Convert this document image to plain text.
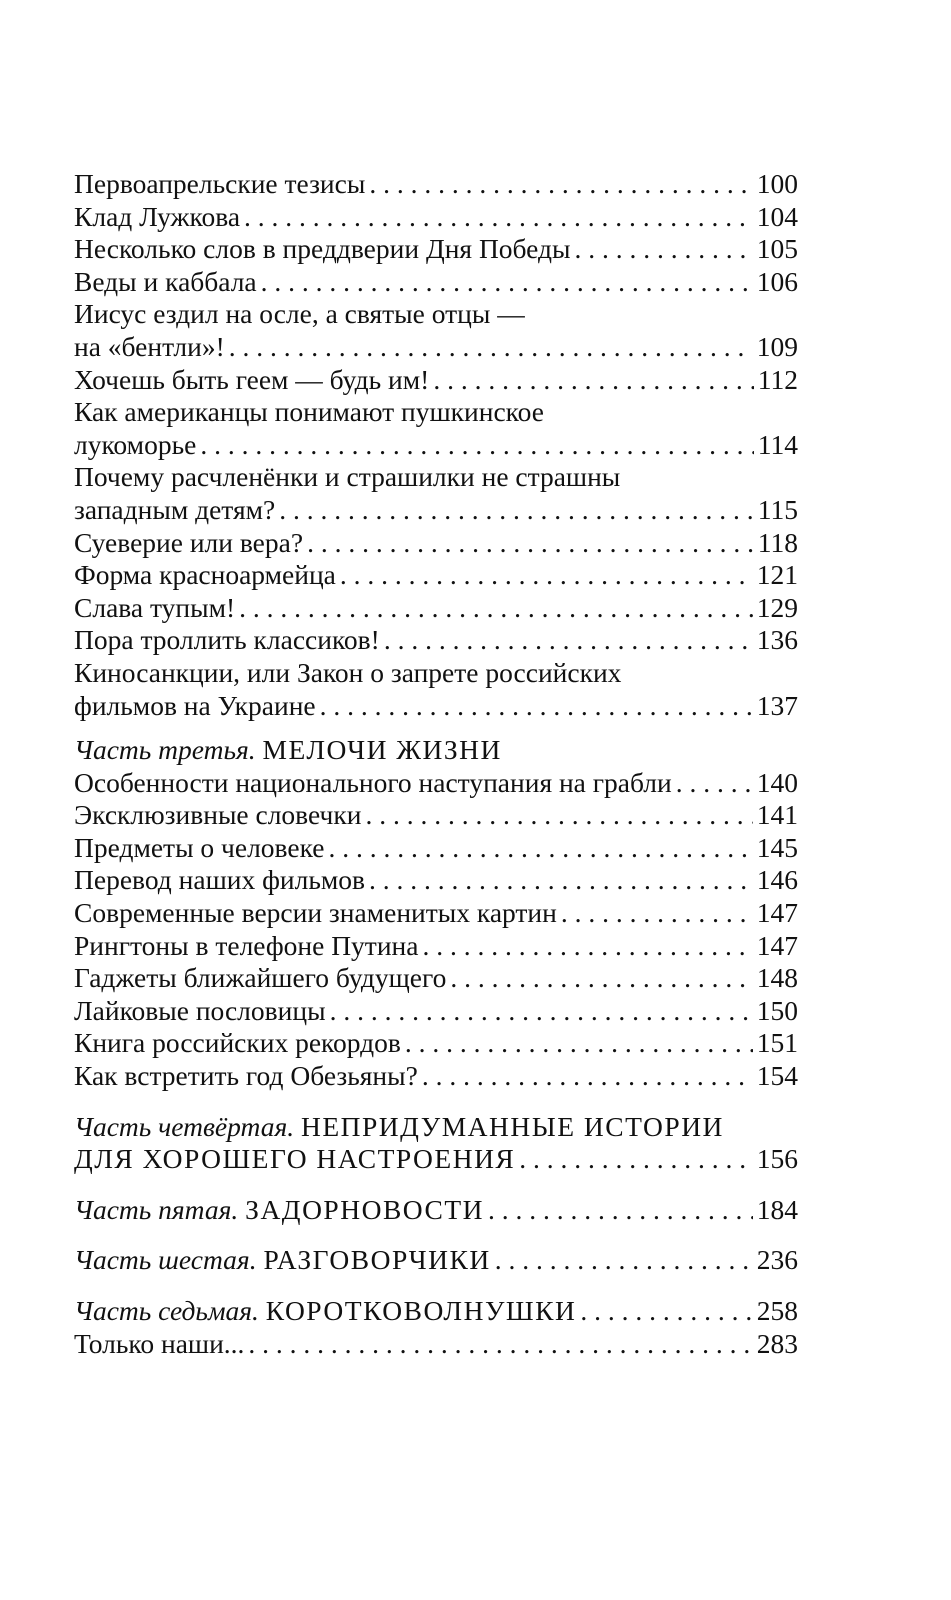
Первоапрельские тезисы . . .	100
Клад Лужкова . . .	104
Несколько слов в преддверии Дня Победы . . .	105
Веды и каббала . . .	106
Иисус ездил на осле, а святые отцы —
на «бентли»! . . .	109
Хочешь быть геем — будь им! . . .	112
Как американцы понимают пушкинское
лукоморье . . .	114
Почему расчленёнки и страшилки не страшны
западным детям? . . .	115
Суеверие или вера? . . .	118
Форма красноармейца . . .	121
Слава тупым! . . .	129
Пора троллить классиков! . . .	136
Киносанкции, или Закон о запрете российских
фильмов на Украине . . .	137
Часть третья. МЕЛОЧИ ЖИЗНИ
Особенности национального наступания на грабли . . .	140
Эксклюзивные словечки . . .	141
Предметы о человеке . . .	145
Перевод наших фильмов . . .	146
Современные версии знаменитых картин . . .	147
Рингтоны в телефоне Путина . . .	147
Гаджеты ближайшего будущего . . .	148
Лайковые пословицы . . .	150
Книга российских рекордов . . .	151
Как встретить год Обезьяны? . . .	154
Часть четвёртая. НЕПРИДУМАННЫЕ ИСТОРИИ
ДЛЯ ХОРОШЕГО НАСТРОЕНИЯ . . .	156
Часть пятая. ЗАДОРНОВОСТИ . . .	184
Часть шестая. РАЗГОВОРЧИКИ . . .	236
Часть седьмая. КОРОТКОВОЛНУШКИ . . .	258
Только наши... . . .	283
